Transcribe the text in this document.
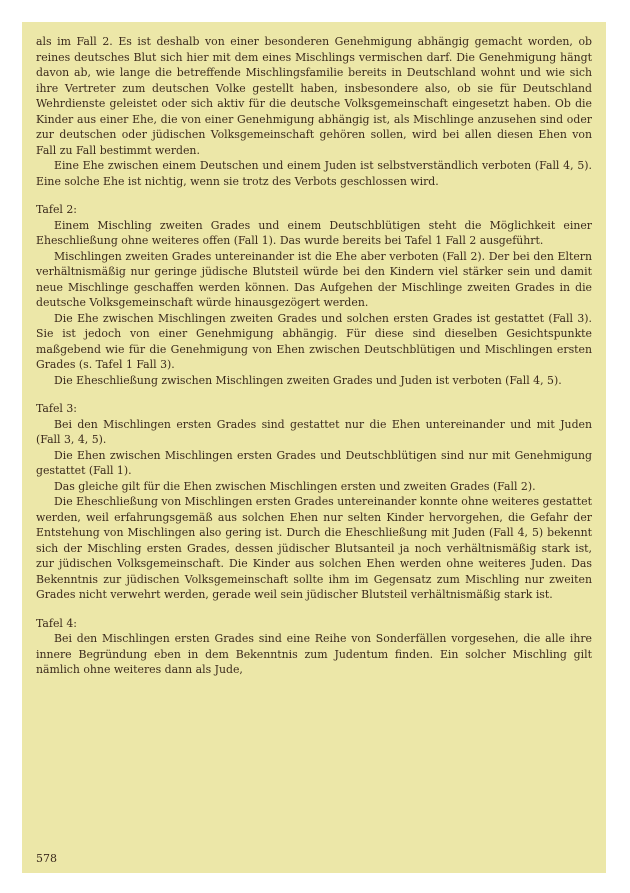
als im Fall 2. Es ist deshalb von einer besonderen Genehmigung abhängig gemacht worden, ob reines deutsches Blut sich hier mit dem eines Mischlings vermischen darf. Die Genehmigung hängt davon ab, wie lange die betreffende Mischlingsfamilie bereits in Deutschland wohnt und wie sich ihre Vertreter zum deutschen Volke gestellt haben, insbesondere also, ob sie für Deutschland Wehrdienste geleistet oder sich aktiv für die deutsche Volksgemeinschaft eingesetzt haben. Ob die Kinder aus einer Ehe, die von einer Genehmigung abhängig ist, als Mischlinge anzusehen sind oder zur deutschen oder jüdischen Volksgemeinschaft gehören sollen, wird bei allen diesen Ehen von Fall zu Fall bestimmt werden.

Eine Ehe zwischen einem Deutschen und einem Juden ist selbstverständlich verboten (Fall 4, 5). Eine solche Ehe ist nichtig, wenn sie trotz des Verbots geschlossen wird.

Tafel 2:

Einem Mischling zweiten Grades und einem Deutschblütigen steht die Möglichkeit einer Eheschließung ohne weiteres offen (Fall 1). Das wurde bereits bei Tafel 1 Fall 2 ausgeführt.

Mischlingen zweiten Grades untereinander ist die Ehe aber verboten (Fall 2). Der bei den Eltern verhältnismäßig nur geringe jüdische Blutsteil würde bei den Kindern viel stärker sein und damit neue Mischlinge geschaffen werden können. Das Aufgehen der Mischlinge zweiten Grades in die deutsche Volksgemeinschaft würde hinausgezögert werden.

Die Ehe zwischen Mischlingen zweiten Grades und solchen ersten Grades ist gestattet (Fall 3). Sie ist jedoch von einer Genehmigung abhängig. Für diese sind dieselben Gesichtspunkte maßgebend wie für die Genehmigung von Ehen zwischen Deutschblütigen und Mischlingen ersten Grades (s. Tafel 1 Fall 3).

Die Eheschließung zwischen Mischlingen zweiten Grades und Juden ist verboten (Fall 4, 5).

Tafel 3:

Bei den Mischlingen ersten Grades sind gestattet nur die Ehen untereinander und mit Juden (Fall 3, 4, 5).

Die Ehen zwischen Mischlingen ersten Grades und Deutschblütigen sind nur mit Genehmigung gestattet (Fall 1).

Das gleiche gilt für die Ehen zwischen Mischlingen ersten und zweiten Grades (Fall 2).

Die Eheschließung von Mischlingen ersten Grades untereinander konnte ohne weiteres gestattet werden, weil erfahrungsgemäß aus solchen Ehen nur selten Kinder hervorgehen, die Gefahr der Entstehung von Mischlingen also gering ist. Durch die Eheschließung mit Juden (Fall 4, 5) bekennt sich der Mischling ersten Grades, dessen jüdischer Blutsanteil ja noch verhältnismäßig stark ist, zur jüdischen Volksgemeinschaft. Die Kinder aus solchen Ehen werden ohne weiteres Juden. Das Bekenntnis zur jüdischen Volksgemeinschaft sollte ihm im Gegensatz zum Mischling nur zweiten Grades nicht verwehrt werden, gerade weil sein jüdischer Blutsteil verhältnismäßig stark ist.

Tafel 4:

Bei den Mischlingen ersten Grades sind eine Reihe von Sonderfällen vorgesehen, die alle ihre innere Begründung eben in dem Bekenntnis zum Judentum finden. Ein solcher Mischling gilt nämlich ohne weiteres dann als Jude,

578
